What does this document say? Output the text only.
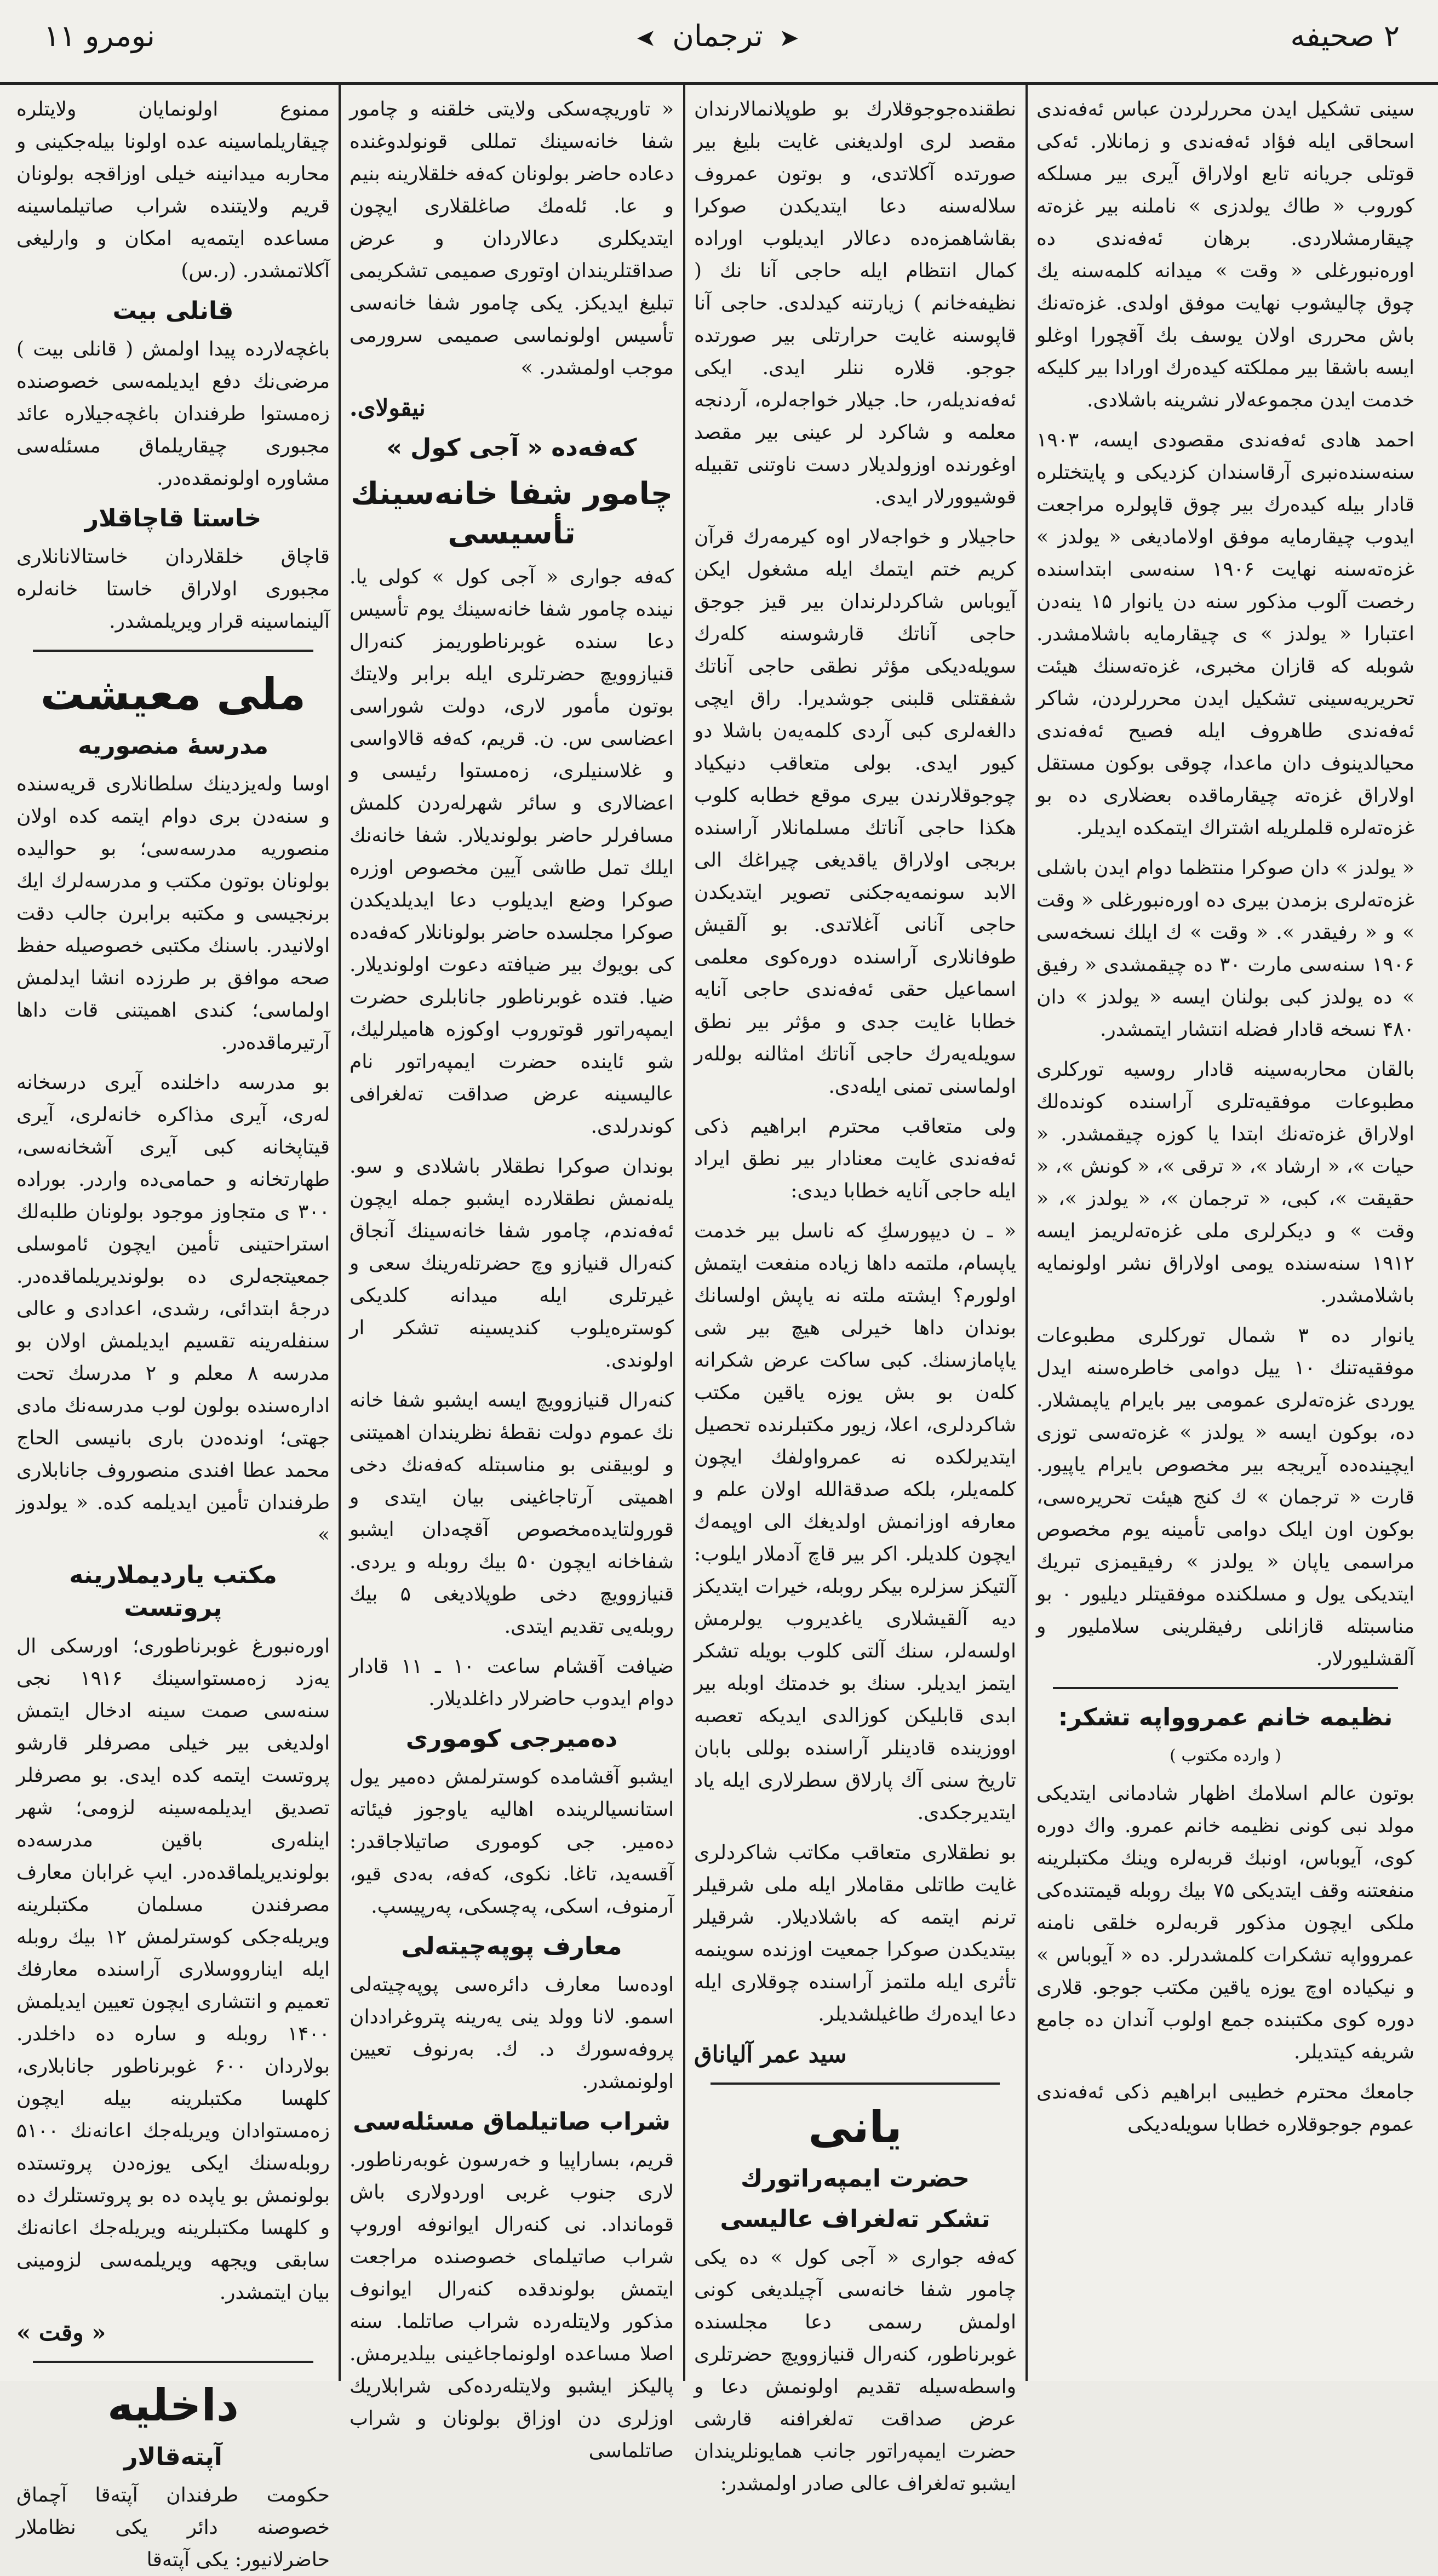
۲ صحیفه
➤ ترجمان ➤
نومرو ۱۱

سینی تشکیل ایدن محررلردن عباس ئەفەندی اسحاقی ایله فؤاد ئەفەندی و زمانلار. ئەکی قوتلی جریانه تابع اولاراق آیری بیر مسلکه کوروب « طاك یولدزی » ناملنه بیر غزەته چیقارمشلاردی. برهان ئەفەندی ده اوره‌نبورغلی « وقت » میدانه کلمه‌سنه یك چوق چالیشوب نهایت موفق اولدی. غزەتەنك باش محرری اولان یوسف بك آقچورا اوغلو ایسه باشقا بیر مملکته کیدەرك اورادا بیر کلیکه خدمت ایدن مجموعەلار نشرینه باشلادی.

احمد هادی ئەفەندی مقصودی ایسه، ۱۹۰۳ سنەسندەنبری آرقاسندان کزدیکی و پایتختلره قادار بیله کیدەرك بیر چوق قاپولره مراجعت ایدوب چیقارمایه موفق اولامادیغی « یولدز » غزەتەسنه نهایت ۱۹۰۶ سنەسی ابتداسندە رخصت آلوب مذکور سنه دن یانوار ۱۵ ینەدن اعتبارا « یولدز » ی چیقارمایه باشلامشدر. شوبله که قازان مخبری، غزەتەسنك هیئت تحریریەسینی تشکیل ایدن محررلردن، شاکر ئەفەندی طاهروف ایله فصیح ئەفەندی محیالدینوف دان ماعدا، چوقی بوکون مستقل اولاراق غزەته چیقارماقده بعضلاری ده بو غزەتەلره قلملریله اشتراك ایتمکده ایدیلر.

« یولدز » دان صوكرا منتظما دوام ایدن باشلی غزەتەلری بزمدن بیری ده اوره‌نبورغلی « وقت » و « رفیقدر ». « وقت » ك ایلك نسخەسی ۱۹۰۶ سنەسی مارت ۳۰ دە چیقمشدی « رفیق » ده یولدز کبی بولنان ایسه « یولدز » دان ۴۸۰ نسخه قادار فضله انتشار ایتمشدر.

بالقان محاربەسینه قادار روسیه تورکلری مطبوعات موفقیەتلری آراسنده کوندەلك اولاراق غزەتەنك ابتدا یا کوزه چیقمشدر. « حیات »، « ارشاد »، « ترقی »، « کونش »، « حقیقت »، کبی، « ترجمان »، « یولدز »، « وقت » و دیکرلری ملی غزەتەلریمز ایسه ۱۹۱۲ سنەسنده یومی اولاراق نشر اولونمایه باشلامشدر.

یانوار ده ۳ شمال تورکلری مطبوعات موفقیەتنك ۱۰ ییل دوامی خاطرەسنه ایدل یوردی غزەتەلری عمومی بیر بایرام یاپمشلار. ده، بوکون ایسه « یولدز » غزەتەسی توزی ایچیندەده آیریجه بیر مخصوص بایرام یاپیور. قارت « ترجمان » ك کنج هیئت تحریرەسی، بوکون اون ایلک دوامی تأمینه یوم مخصوص مراسمی یاپان « یولدز » رفیقیمزی تبریك ایتدیکی یول و مسلکنده موفقیتلر دیلیور ۰ بو مناسبتله قازانلی رفیقلرینی سلاملیور و آلقشلیورلار.

نظیمه خانم عمروواپه تشکر:
( وارده مکتوب )

بوتون عالم اسلامك اظهار شادمانی ایتدیکی مولد نبی کونی نظیمه خانم عمرو. واك دوره کوی، آیوباس، اونبك قربەلره وینك مکتبلرینه منفعتنه وقف ایتدیکی ۷۵ بیك روبله قیمتنده‌کی ملکی ایچون مذکور قربەلره خلقی نامنه عمروواپه تشکرات کلمشدرلر. ده « آیوباس » و نیکیاده اوچ یوزه یاقین مکتب جوجو. قلاری دوره کوی مکتبنده جمع اولوب آندان ده جامع شریفه کیتدیلر.

جامعك محترم خطیبی ابراهیم ذکی ئەفەندی عموم جوجوقلاره خطابا سویلەدیکی

نطقنده‌جوجوقلارك بو طوپلانمالارندان مقصد لری اولدیغنی غایت بلیغ بیر صورتده آكلاتدی، و بوتون عمروف سلالەسنه دعا ایتدیکدن صوكرا بقاشاهمزەده دعالار ایدیلوب اوراده کمال انتظام ایله حاجی آنا نك ( نظیفەخانم ) زیارتنه کیدلدی. حاجی آنا قاپوسنه غایت حرارتلی بیر صورتده جوجو. قلاره ننلر ایدی. ایکی ئەفەندیلەر، حا. جیلار خواجەلره، آردنجه معلمه و شاکرد لر عینی بیر مقصد اوغورنده اوزولدیلار دست ناوتنی تقبیله قوشیوورلار ایدی.

حاجیلار و خواجەلار اوه کیرمەرك قرآن کریم ختم ایتمك ایله مشغول ایکن آیوباس شاکردلرندان بیر قیز جوجق حاجی آناتك قارشوسنه کلەرك سویلەدیکی مؤثر نطقی حاجی آناتك شفقتلی قلبنی جوشدیرا. راق ایچی دالغەلری کبی آردی کلمەیەن باشلا دو کیور ایدی. بولی متعاقب دنیکیاد چوجوقلارندن بیری موقع خطابه کلوب هکذا حاجی آناتك مسلمانلار آراسنده بربجی اولاراق یاقدیغی چیراغك الی الابد سونمەیەجکنی تصویر ایتدیکدن حاجی آنانی آغلاتدی. بو آلقیش طوفانلاری آراسنده دورەکوی معلمی اسماعیل حقی ئەفەندی حاجی آنایه خطابا غایت جدی و مؤثر بیر نطق سویلەیەرك حاجی آناتك امثالنه بوللەر اولماسنی تمنی ایلەدی.

ولی متعاقب محترم ابراهیم ذکی ئەفەندی غایت معنادار بیر نطق ایراد ایله حاجی آنایه خطابا دیدی:

« ـ ن دیپورسكِ که ناسل بیر خدمت یاپسام، ملتمه داها زیاده منفعت ایتمش اولورم؟ ایشته ملته نه یاپش اولسانك بوندان داها خیرلی هیچ بیر شی یاپامازسنك. کبی ساکت عرض شکرانه کلەن بو بش یوزه یاقین مکتب شاکردلری، اعلا، زیور مکتبلرنده تحصیل ایتدیرلكده نه عمرواولفك ایچون کلمەیلر، بلکه صدقةالله اولان علم و معارفه اوزانمش اولدیغك الی اوپمەك ایچون کلدیلر. اکر بیر قاچ آدملار ایلوب: آلتیکز سزلره بیکر روبله، خیرات ایتدیکز دیه آلقیشلاری یاغدیروب یولرمش اولسەلر، سنك آلتی کلوب بویله تشکر ایتمز ایدیلر. سنك بو خدمتك اوبله بیر ابدی قابلیكن کوزالدی ایدیکه تعصبه اووزینده قادینلر آراسنده بوللی بابان تاریخ سنی آك پارلاق سطرلاری ایله یاد ایتدیرجکدی.

بو نطقلاری متعاقب مکاتب شاکردلری غایت طاتلی مقاملار ایله ملی شرقیلر ترنم ایتمه که باشلادیلار. شرقیلر بیتدیکدن صوکرا جمعیت اوزنده سوینمه تأثری ایله ملتمز آراسنده چوقلاری ایله دعا ایدەرك طاغیلشدیلر.

سید عمر آلیاناق
یانی
حضرت ایمپەراتورك
تشکر تەلغراف عالیسی

کەفه جواری « آجی کول » ده یکی چامور شفا خانەسی آچیلدیغی کونی اولمش رسمی دعا مجلسنده غوبرناطور، کنه‌رال قنیازوویچ حضرتلری واسطەسیله تقدیم اولونمش دعا و عرض صداقت تەلغرافنه قارشی حضرت ایمپەراتور جانب همایونلریندان ایشبو تەلغراف عالی صادر اولمشدر:

« تاوریچەسکی ولایتی خلقنه و چامور شفا خانەسینك تمللی قونولدوغنده دعاده حاضر بولونان کەفه خلقلارینه بنیم و عا. ئلەمك صاغلقلاری ایچون ایتدیکلری دعالاردان و عرض صداقتلریندان اوتوری صمیمی تشکریمی تبلیغ ایدیکز. یکی چامور شفا خانەسی تأسیس اولونماسی صمیمی سرورمی موجب اولمشدر. »

نیقولای.
کەفەده « آجی کول »
چامور شفا خانەسینك تأسیسی

کەفه جواری « آجی کول » کولی یا. نینده چامور شفا خانەسینك یوم تأسیس دعا سنده غوبرناطوریمز کنه‌رال قنیازوویچ حضرتلری ایله برابر ولایتك بوتون مأمور لاری، دولت شوراسی اعضاسی س. ن. قریم، کەفه قالاواسی و غلاسنیلری، زەمستوا رئیسی و اعضالاری و سائر شهرلەردن کلمش مسافرلر حاضر بولوندیلار. شفا خانەنك ایلك تمل طاشی آیین مخصوص اوزره صوکرا وضع ایدیلوب دعا ایدیلدیکدن صوکرا مجلسده حاضر بولونانلار کەفەده کی بویوك بیر ضیافته دعوت اولوندیلار. ضیا. فتده غوبرناطور جانابلری حضرت ایمپەراتور قوتوروب اوکوزه هامیلرلیك، شو ئاینده حضرت ایمپەراتور نام عالیسینه عرض صداقت تەلغرافی کوندرلدی.

بوندان صوکرا نطقلار باشلادی و سو. یلەنمش نطقلارده ایشبو جمله ایچون ئەفەندم، چامور شفا خانەسینك آنجاق کنه‌رال قنیازو وچ حضرتلەرینك سعی و غیرتلری ایله میدانه کلدیکی کوسترەیلوب کندیسینه تشکر ار اولوندی.

کنه‌رال قنیازوویچ ایسه ایشبو شفا خانه نك عموم دولت نقطهٔ نظریندان اهمیتنی و لوبیقنی بو مناسبتله کەفەنك دخی اهمیتی آرتاجاغینی بیان ایتدی و قورولتایدەمخصوص آقچەدان ایشبو شفاخانه ایچون ۵۰ بیك روبله و یردی. قنیازوویچ دخی طوپلادیغی ۵ بیك روبلەیی تقدیم ایتدی.

ضیافت آقشام ساعت ۱۰ ـ ۱۱ قادار دوام ایدوب حاضرلار داغلدیلار.

دەمیرجی کوموری

ایشبو آقشامده کوسترلمش دەمیر یول استانسیالرینده اهالیه یاوجوز فیئاته دەمیر. جی کوموری صاتیلاجاقدر: آقسەید، تاغا. نکوی، کەفه، بەدی قیو، آرمنوف، اسکی، پەچسکی، پەرپیسپ.

معارف پوپەچیتەلی

اودەسا معارف دائرەسی پوپەچیتەلی اسمو. لانا وولد ینی یەرینه پتروغراددان پروفەسورك د. ك. بەرنوف تعیین اولونمشدر.

شراب صاتیلماق مسئلەسی

قریم، بساراپیا و خەرسون غوبەرناطور. لاری جنوب غربی اوردولاری باش قومانداد. نی کنه‌رال ایوانوفه اوروپ شراب صاتیلمای خصوصنده مراجعت ایتمش بولوندقده کنه‌رال ایوانوف مذکور ولایتلەرده شراب صاتلما. سنه اصلا مساعده اولونماجاغینی بیلدیرمش. پالیکز ایشبو ولایتلەرده‌کی شرابلاریك اوزلری دن اوزاق بولونان و شراب صاتلماسی

ممنوع اولونمایان ولایتلره چیقاریلماسینه عده اولونا بیلەجکینی و محاربه میدانینه خیلی اوزاقجه بولونان قریم ولایتنده شراب صاتیلماسینه مساعده ایتمه‌یه امکان و وارلیغی آکلاتمشدر. (ر.س)

قانلی بیت

باغچەلارده پیدا اولمش ( قانلی بیت ) مرضی‌نك دفع ایدیلمەسی خصوصنده زەمستوا طرفندان باغچەجیلاره عائد مجبوری چیقاریلماق مسئلەسی مشاوره اولونمقده‌در.

خاستا قاچاقلار

قاچاق خلقلاردان خاستالانانلاری مجبوری اولاراق خاستا خانەلره آلینماسینه قرار ویریلمشدر.

ملی معیشت
مدرسهٔ منصوریه

اوسا ولەیزدینك سلطانلاری قریەسنده و سنه‌دن بری دوام ایتمه کده اولان منصوریه مدرسەسی؛ بو حوالیده بولونان بوتون مکتب و مدرسەلرك ایك برنجیسی و مکتبه برابرن جالب دقت اولانیدر. باسنك مکتبی خصوصیله حفظ صحه موافق بر طرزده انشا ایدلمش اولماسی؛ کندی اهمیتنی قات داها آرتیرماقده‌در.

بو مدرسه داخلنده آیری درسخانه لەری، آیری مذاکره خانەلری، آیری قیتاپخانه کبی آیری آشخانه‌سی، طهارتخانه و حمامی‌ده واردر. بوراده ۳۰۰ ی متجاوز موجود بولونان طلبەلك استراحتینی تأمین ایچون ئاموسلی جمعیتجەلری ده بولوندیریلماقده‌در. درجهٔ ابتدائی، رشدی، اعدادی و عالی سنفلەرینه تقسیم ایدیلمش اولان بو مدرسه ۸ معلم و ۲ مدرسك تحت اداره‌سنده بولون لوب مدرسەنك مادی جهتی؛ اوندەدن باری بانیسی الحاج محمد عطا افندی منصوروف جانابلاری طرفندان تأمین ایدیلمه کده. « یولدوز »

مکتب یاردیملارینه پروتست

اوره‌نبورغ غوبرناطوری؛ اورسکی ال یەزد زەمستواسینك ۱۹۱۶ نجی سنه‌سی صمت سینه ادخال ایتمش اولدیغی بیر خیلی مصرفلر قارشو پروتست ایتمه کده ایدی. بو مصرفلر تصدیق ایدیلمەسینه لزومی؛ شهر اینلەری باقین مدرسەده بولوندیریلماقده‌در. ایپ غرابان معارف مصرفندن مسلمان مکتبلرینه ویریله‌جکی کوسترلمش ۱۲ بیك روبله ایله اینارووسلاری آراسنده معارفك تعمیم و انتشاری ایچون تعیین ایدیلمش ۱۴۰۰ روبله و ساره ده داخلدر. بولاردان ۶۰۰ غوبرناطور جانابلاری، کلهسا مکتبلرینه بیله ایچون زەمستوادان ویریله‌جك اعانەنك ۵۱۰۰ روبله‌سنك ایکی یوزەدن پروتستده بولونمش بو یاپده ده بو پروتستلرك ده و کلهسا مکتبلرینه ویریله‌جك اعانەنك سابقی ویجهه ویریلمه‌سی لزومینی بیان ایتمشدر.

« وقت »
داخلیه
آپتەقالار

حکومت طرفندان آپتەقا آچماق خصوصنه دائر یکی نظاملار حاضرلانیور: یکی آپتەقا
